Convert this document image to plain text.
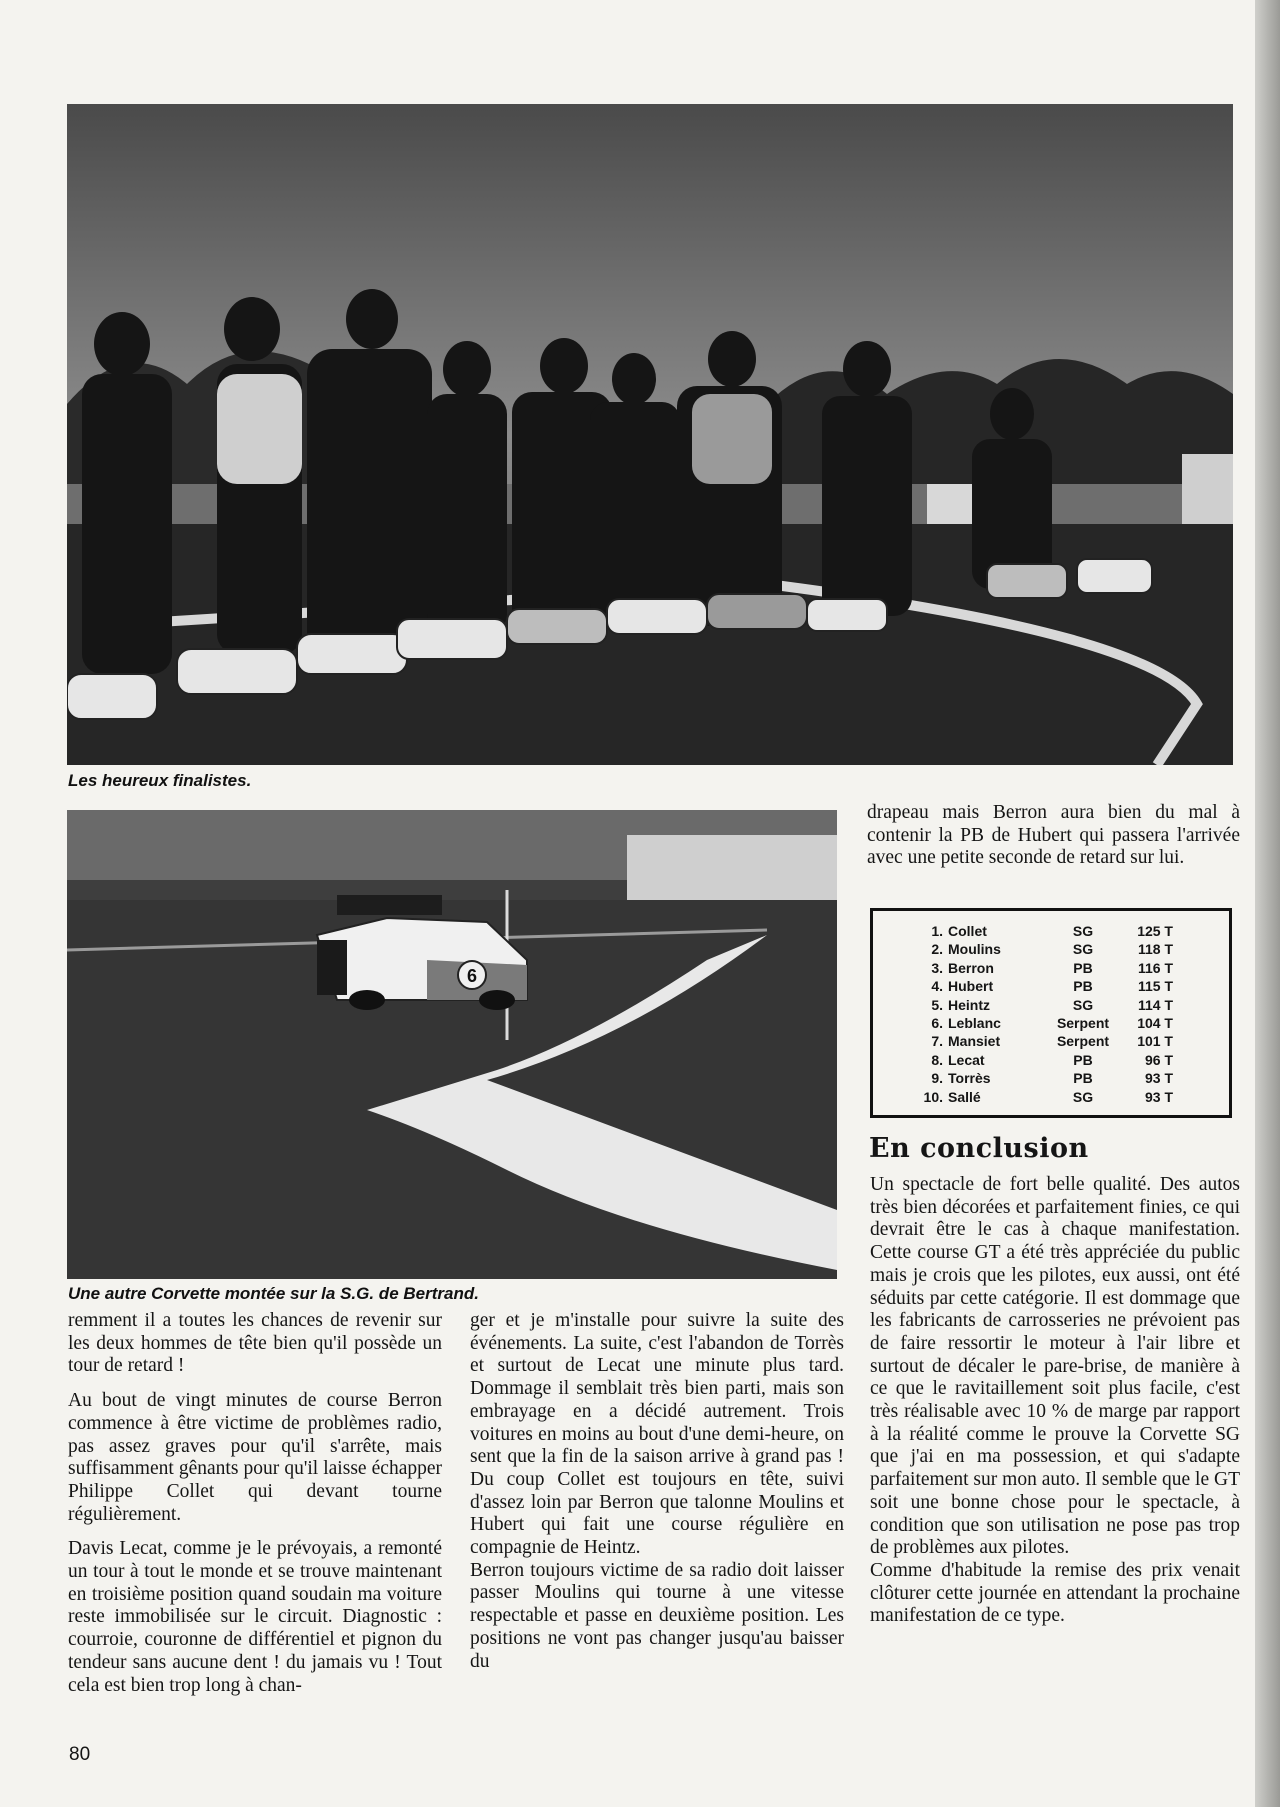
Les heureux finalistes.
6
Une autre Corvette montée sur la S.G. de Bertrand.

remment il a toutes les chances de revenir sur les deux hommes de tête bien qu'il possède un tour de retard !

Au bout de vingt minutes de course Berron commence à être victime de problèmes radio, pas assez graves pour qu'il s'arrête, mais suffisamment gênants pour qu'il laisse échapper Philippe Collet qui devant tourne régulièrement.

Davis Lecat, comme je le prévoyais, a remonté un tour à tout le monde et se trouve maintenant en troisième position quand soudain ma voiture reste immobilisée sur le circuit. Diagnostic : courroie, couronne de différentiel et pignon du tendeur sans aucune dent ! du jamais vu ! Tout cela est bien trop long à chan-

ger et je m'installe pour suivre la suite des événements. La suite, c'est l'abandon de Torrès et surtout de Lecat une minute plus tard. Dommage il semblait très bien parti, mais son embrayage en a décidé autrement. Trois voitures en moins au bout d'une demi-heure, on sent que la fin de la saison arrive à grand pas ! Du coup Collet est toujours en tête, suivi d'assez loin par Berron que talonne Moulins et Hubert qui fait une course régulière en compagnie de Heintz.

Berron toujours victime de sa radio doit laisser passer Moulins qui tourne à une vitesse respectable et passe en deuxième position. Les positions ne vont pas changer jusqu'au baisser du

drapeau mais Berron aura bien du mal à contenir la PB de Hubert qui passera l'arrivée avec une petite seconde de retard sur lui.

1.	Collet	SG	125 T
2.	Moulins	SG	118 T
3.	Berron	PB	116 T
4.	Hubert	PB	115 T
5.	Heintz	SG	114 T
6.	Leblanc	Serpent	104 T
7.	Mansiet	Serpent	101 T
8.	Lecat	PB	96 T
9.	Torrès	PB	93 T
10.	Sallé	SG	93 T
En conclusion

Un spectacle de fort belle qualité. Des autos très bien décorées et parfaitement finies, ce qui devrait être le cas à chaque manifestation. Cette course GT a été très appréciée du public mais je crois que les pilotes, eux aussi, ont été séduits par cette catégorie. Il est dommage que les fabricants de carrosseries ne prévoient pas de faire ressortir le moteur à l'air libre et surtout de décaler le pare-brise, de manière à ce que le ravitaillement soit plus facile, c'est très réalisable avec 10 % de marge par rapport à la réalité comme le prouve la Corvette SG que j'ai en ma possession, et qui s'adapte parfaitement sur mon auto. Il semble que le GT soit une bonne chose pour le spectacle, à condition que son utilisation ne pose pas trop de problèmes aux pilotes.

Comme d'habitude la remise des prix venait clôturer cette journée en attendant la prochaine manifestation de ce type.

80
